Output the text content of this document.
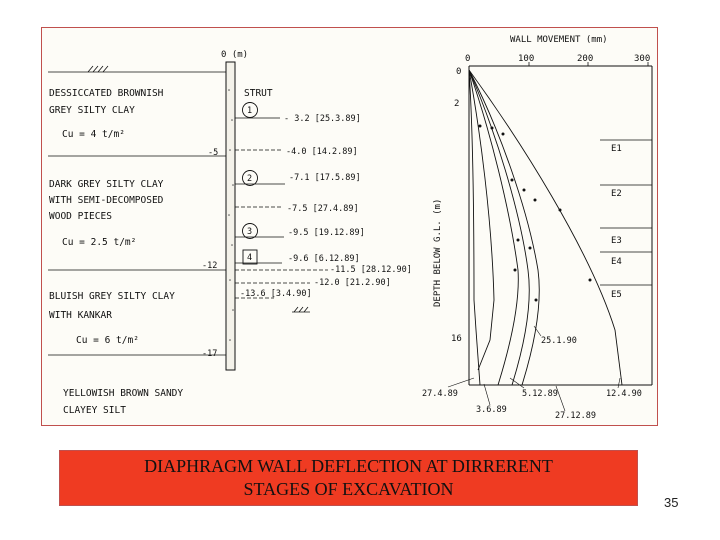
0 (m)
STRUT
-5
-12
-17
DESSICCATED BROWNISH
GREY SILTY CLAY
Cu = 4 t/m²
DARK GREY SILTY CLAY
WITH SEMI-DECOMPOSED
WOOD PIECES
Cu = 2.5 t/m²
BLUISH GREY SILTY CLAY
WITH KANKAR
Cu = 6 t/m²
YELLOWISH BROWN SANDY
CLAYEY SILT
1
- 3.2 [25.3.89]
2	-7.1 [17.5.89]
3	-9.5 [19.12.89]
4	-9.6 [6.12.89]
-4.0 [14.2.89]
-7.5 [27.4.89]
-11.5 [28.12.90]
-12.0 [21.2.90]
-13.6 [3.4.90]
WALL MOVEMENT (mm)
0	100	200	300
0
2
16
DEPTH BELOW G.L. (m)
E1
E2
E3
E4
E5
25.1.90
27.4.89	5.12.89	12.4.90
3.6.89
27.12.89
DIAPHRAGM WALL DEFLECTION AT DIRRERENT
STAGES OF EXCAVATION
35
